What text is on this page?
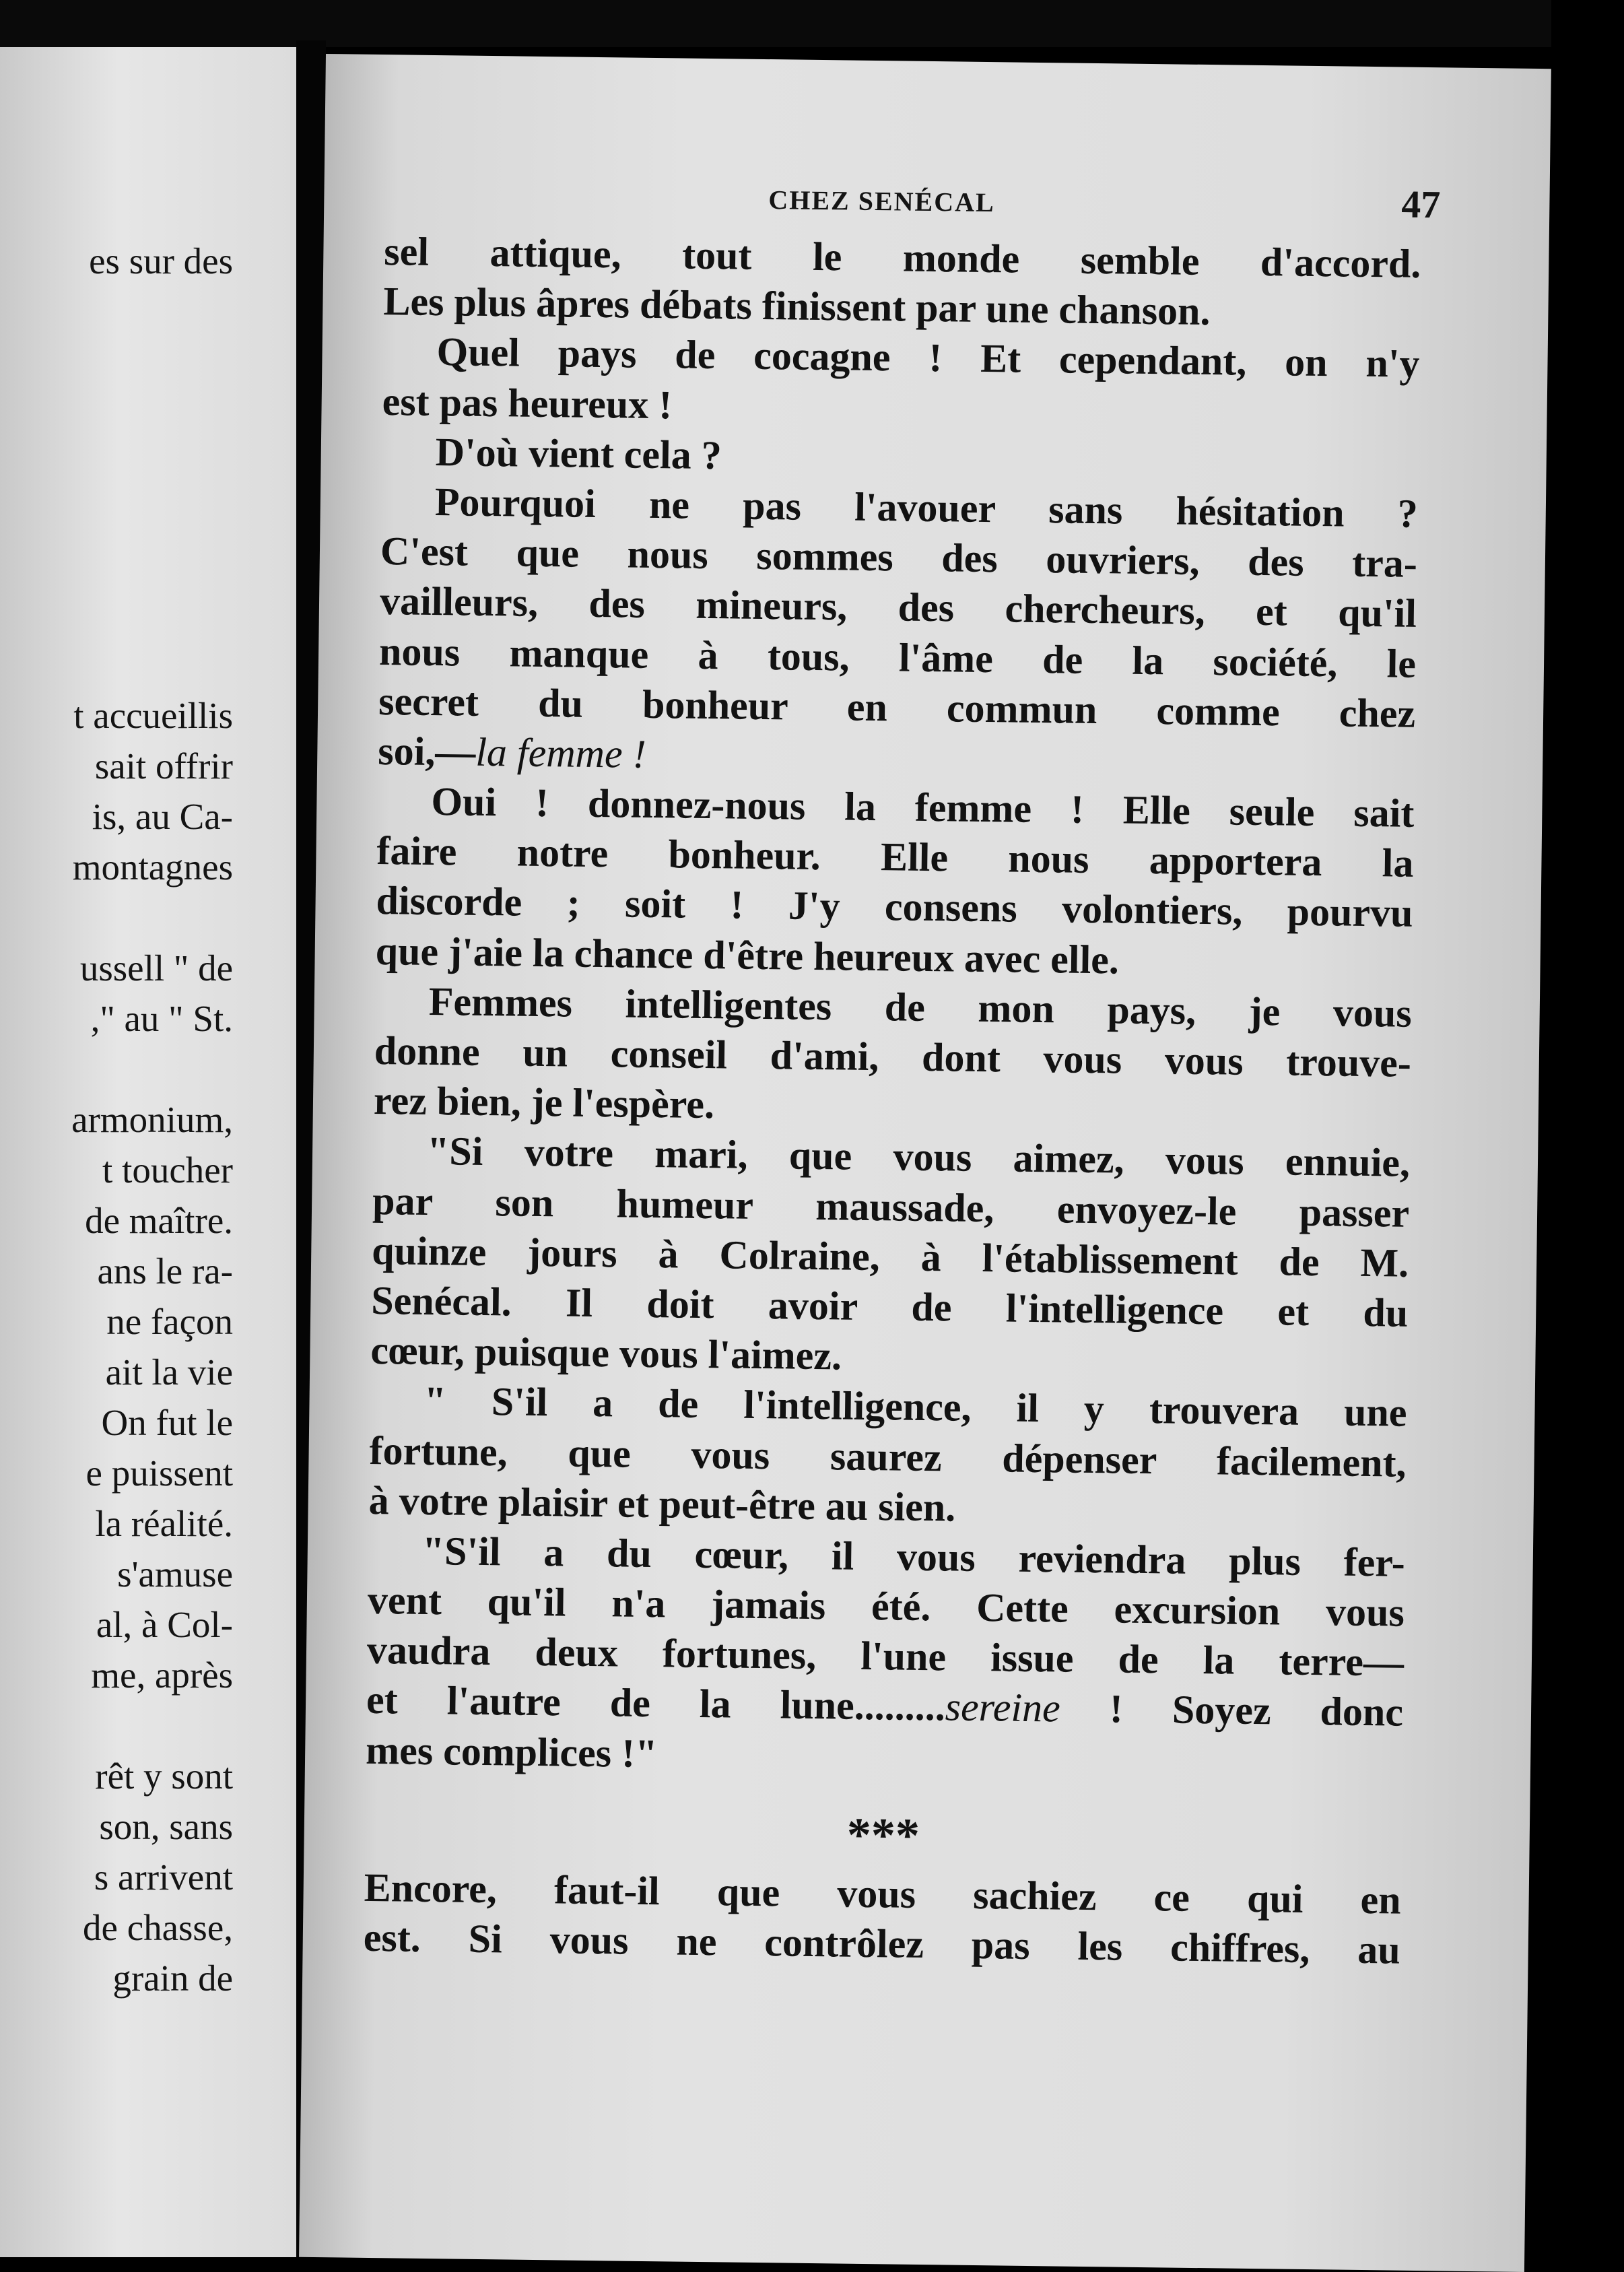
es sur des

t accueillis
sait offrir
is, au Ca-
montagnes

ussell " de
," au " St.

armonium,
t toucher
de maître.
ans le ra-
ne façon
ait la vie
On fut le
e puissent
la réalité.
s'amuse
al, à Col-
me, après

rêt y sont
son, sans
s arrivent
de chasse,
grain de
CHEZ SENÉCAL	47
sel attique, tout le monde semble d'accord.
Les plus âpres débats finissent par une chanson.
Quel pays de cocagne ! Et cependant, on n'y
est pas heureux !
D'où vient cela ?
Pourquoi ne pas l'avouer sans hésitation ?
C'est que nous sommes des ouvriers, des tra-
vailleurs, des mineurs, des chercheurs, et qu'il
nous manque à tous, l'âme de la société, le
secret du bonheur en commun comme chez
soi,—la femme !
Oui ! donnez-nous la femme ! Elle seule sait
faire notre bonheur. Elle nous apportera la
discorde ; soit ! J'y consens volontiers, pourvu
que j'aie la chance d'être heureux avec elle.
Femmes intelligentes de mon pays, je vous
donne un conseil d'ami, dont vous vous trouve-
rez bien, je l'espère.
"Si votre mari, que vous aimez, vous ennuie,
par son humeur maussade, envoyez-le passer
quinze jours à Colraine, à l'établissement de M.
Senécal. Il doit avoir de l'intelligence et du
cœur, puisque vous l'aimez.
" S'il a de l'intelligence, il y trouvera une
fortune, que vous saurez dépenser facilement,
à votre plaisir et peut-être au sien.
"S'il a du cœur, il vous reviendra plus fer-
vent qu'il n'a jamais été. Cette excursion vous
vaudra deux fortunes, l'une issue de la terre—
et l'autre de la lune.........sereine ! Soyez donc
mes complices !"
***
Encore, faut-il que vous sachiez ce qui en
est. Si vous ne contrôlez pas les chiffres, au
